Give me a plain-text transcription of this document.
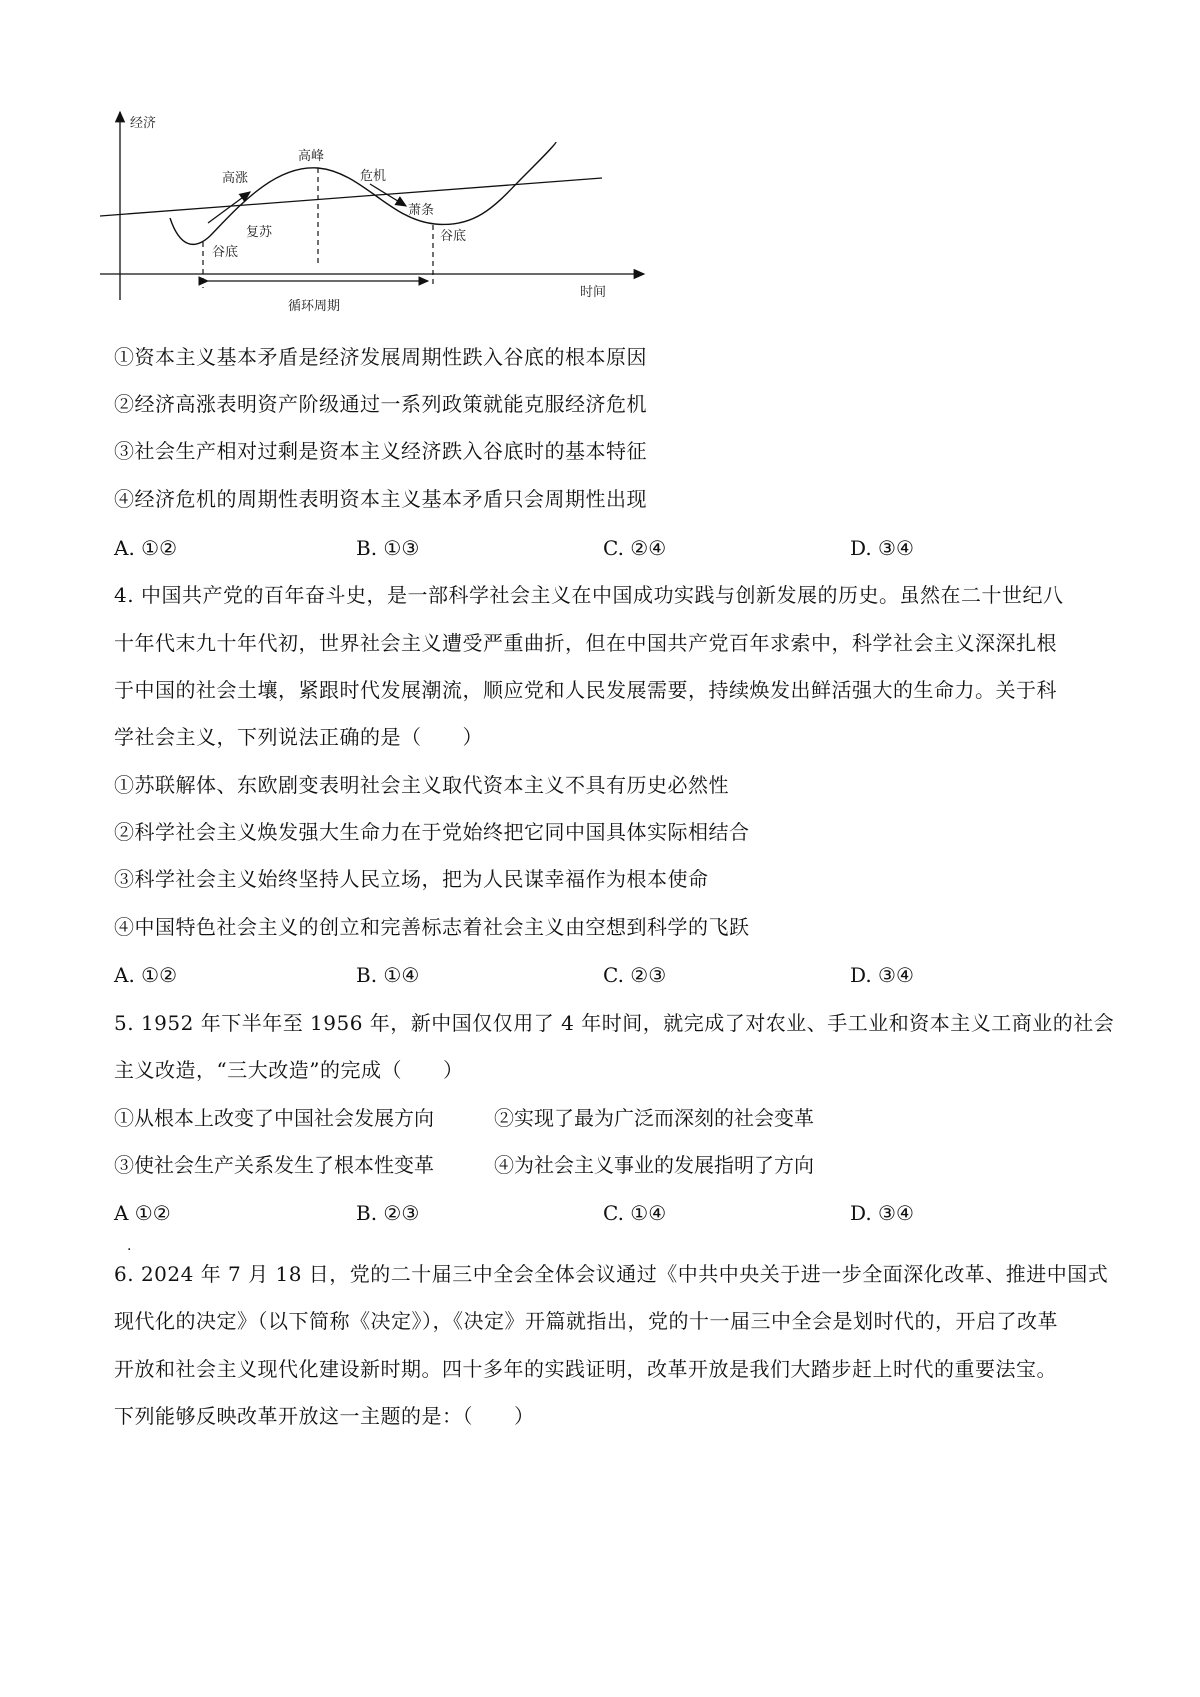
经济
时间
高峰
高涨	危机
萧条
复苏
谷底
谷底
循环周期
①资本主义基本矛盾是经济发展周期性跌入谷底的根本原因
②经济高涨表明资产阶级通过一系列政策就能克服经济危机
③社会生产相对过剩是资本主义经济跌入谷底时的基本特征
④经济危机的周期性表明资本主义基本矛盾只会周期性出现
A. ①②	B. ①③	C. ②④	D. ③④
4. 中国共产党的百年奋斗史，是一部科学社会主义在中国成功实践与创新发展的历史。虽然在二十世纪八
十年代末九十年代初，世界社会主义遭受严重曲折，但在中国共产党百年求索中，科学社会主义深深扎根
于中国的社会土壤，紧跟时代发展潮流，顺应党和人民发展需要，持续焕发出鲜活强大的生命力。关于科
学社会主义，下列说法正确的是（　　）
①苏联解体、东欧剧变表明社会主义取代资本主义不具有历史必然性
②科学社会主义焕发强大生命力在于党始终把它同中国具体实际相结合
③科学社会主义始终坚持人民立场，把为人民谋幸福作为根本使命
④中国特色社会主义的创立和完善标志着社会主义由空想到科学的飞跃
A. ①②	B. ①④	C. ②③	D. ③④
5. 1952 年下半年至 1956 年，新中国仅仅用了 4 年时间，就完成了对农业、手工业和资本主义工商业的社会
主义改造，“三大改造”的完成（　　）
①从根本上改变了中国社会发展方向	②实现了最为广泛而深刻的社会变革
③使社会生产关系发生了根本性变革	④为社会主义事业的发展指明了方向
A ①②
·
B. ②③	C. ①④	D. ③④
6. 2024 年 7 月 18 日，党的二十届三中全会全体会议通过《中共中央关于进一步全面深化改革、推进中国式
现代化的决定》（以下简称《决定》），《决定》开篇就指出，党的十一届三中全会是划时代的，开启了改革
开放和社会主义现代化建设新时期。四十多年的实践证明，改革开放是我们大踏步赶上时代的重要法宝。
下列能够反映改革开放这一主题的是：（　　）
